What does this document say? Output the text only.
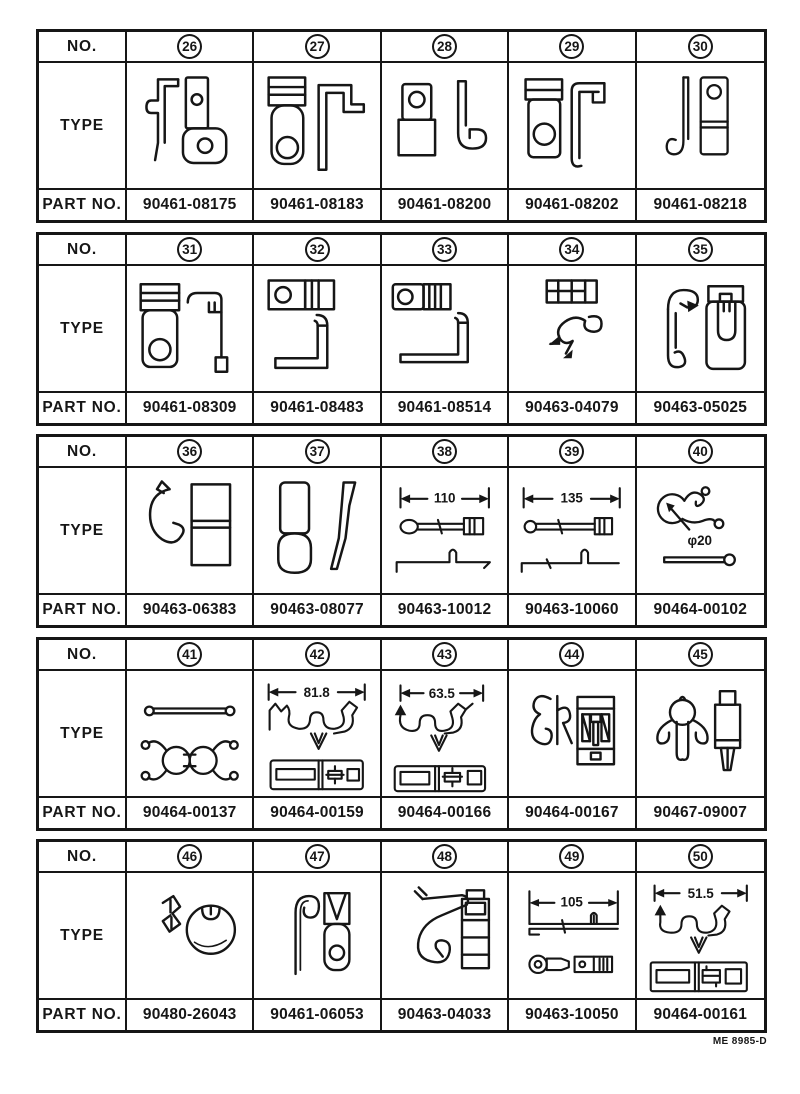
NO.	26	27	28	29	30
TYPE
PART NO.	90461-08175 90461-08183 90461-08200 90461-08202 90461-08218
NO.	31	32	33	34	35
TYPE
PART NO.	90461-08309 90461-08483 90461-08514 90463-04079 90463-05025
NO.	36	37	38	39	40
TYPE
110	135
φ20
PART NO.	90463-06383 90463-08077 90463-10012 90463-10060 90464-00102
NO.	41	42	43	44	45
TYPE
81.8	63.5
PART NO.	90464-00137 90464-00159 90464-00166 90464-00167 90467-09007
NO.	46	47	48	49	50
TYPE
105
51.5
PART NO.	90480-26043 90461-06053 90463-04033 90463-10050 90464-00161
ME 8985-D
